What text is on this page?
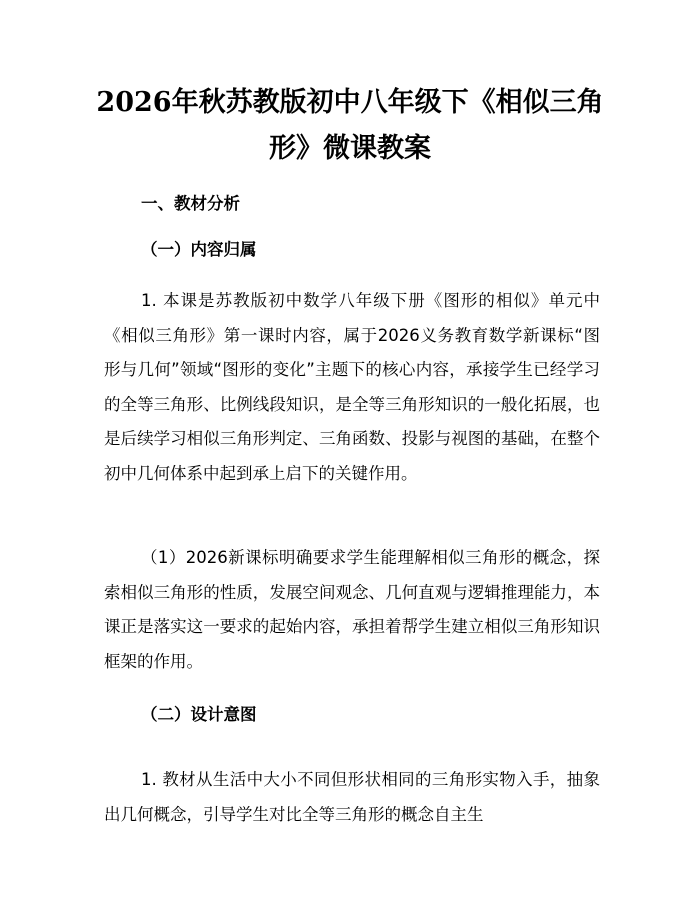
2026年秋苏教版初中八年级下《相似三角
形》微课教案
一、教材分析
（一）内容归属

1. 本课是苏教版初中数学八年级下册《图形的相似》单元中《相似三角形》第一课时内容，属于2026义务教育数学新课标“图形与几何”领域“图形的变化”主题下的核心内容，承接学生已经学习的全等三角形、比例线段知识，是全等三角形知识的一般化拓展，也是后续学习相似三角形判定、三角函数、投影与视图的基础，在整个初中几何体系中起到承上启下的关键作用。

（1）2026新课标明确要求学生能理解相似三角形的概念，探索相似三角形的性质，发展空间观念、几何直观与逻辑推理能力，本课正是落实这一要求的起始内容，承担着帮学生建立相似三角形知识框架的作用。

（二）设计意图

1. 教材从生活中大小不同但形状相同的三角形实物入手，抽象出几何概念，引导学生对比全等三角形的概念自主生
